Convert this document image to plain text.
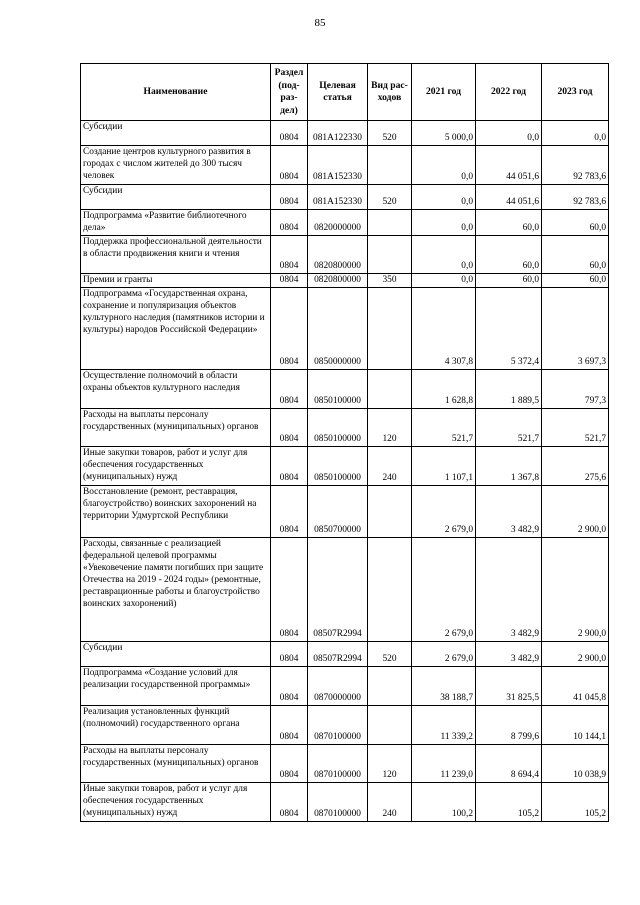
85
Наименование	Раздел (под-раз-дел)	Целевая статья	Вид рас-ходов	2021 год	2022 год	2023 год

Субсидии	0804	081A122330	520	5 000,0	0,0	0,0

Создание центров культурного развития в городах с числом жителей до 300 тысяч человек	0804	081A152330		0,0	44 051,6	92 783,6

Субсидии	0804	081A152330	520	0,0	44 051,6	92 783,6

Подпрограмма «Развитие библиотечного дела»	0804	0820000000		0,0	60,0	60,0

Поддержка профессиональной деятельности в области продвижения книги и чтения	0804	0820800000		0,0	60,0	60,0

Премии и гранты	0804	0820800000	350	0,0	60,0	60,0

Подпрограмма «Государственная охрана, сохранение и популяризация объектов культурного наследия (памятников истории и культуры) народов Российской Федерации»	0804	0850000000		4 307,8	5 372,4	3 697,3

Осуществление полномочий в области охраны объектов культурного наследия	0804	0850100000		1 628,8	1 889,5	797,3

Расходы на выплаты персоналу государственных (муниципальных) органов	0804	0850100000	120	521,7	521,7	521,7

Иные закупки товаров, работ и услуг для обеспечения государственных (муниципальных) нужд	0804	0850100000	240	1 107,1	1 367,8	275,6

Восстановление (ремонт, реставрация, благоустройство) воинских захоронений на территории Удмуртской Республики	0804	0850700000		2 679,0	3 482,9	2 900,0

Расходы, связанные с реализацией федеральной целевой программы «Увековечение памяти погибших при защите Отечества на 2019 - 2024 годы» (ремонтные, реставрационные работы и благоустройство воинских захоронений)	0804	08507R2994		2 679,0	3 482,9	2 900,0

Субсидии	0804	08507R2994	520	2 679,0	3 482,9	2 900,0

Подпрограмма «Создание условий для реализации государственной программы»	0804	0870000000		38 188,7	31 825,5	41 045,8

Реализация установленных функций (полномочий) государственного органа	0804	0870100000		11 339,2	8 799,6	10 144,1

Расходы на выплаты персоналу государственных (муниципальных) органов	0804	0870100000	120	11 239,0	8 694,4	10 038,9

Иные закупки товаров, работ и услуг для обеспечения государственных (муниципальных) нужд	0804	0870100000	240	100,2	105,2	105,2
